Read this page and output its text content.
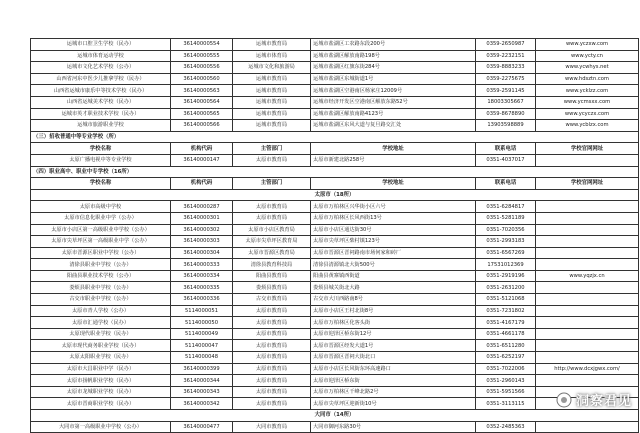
运城市口腔卫生学校（民办）	36140000554	运城市教育局	运城市盐湖区工农路东段200号	0359-2650987	www.yczxw.com
运城市体育运动学校	36140000555	运城市体育局	运城市盐湖区解放南路198号	0359-2232151	www.ycty.cn
运城市文化艺术学校（公办）	36140000556	运城市文化和旅游局	运城市盐湖区红旗东街284号	0359-8883233	www.ycwhys.net
山西省河东中医少儿推拿学校（民办）	36140000560	运城市教育局	运城市盐湖区东城街道1号	0359-2275675	www.hdsztn.com
山西省运城市康乐中等技术学校（民办）	36140000563	运城市教育局	运城市盐湖区空港南区杨家庄12009号	0359-2591145	www.ycklzz.com
山西省运城美术学校（民办）	36140000564	运城市教育局	运城市经济开发区空港南区解放东路52号	18003305667	www.ycmsxx.com
运城市英才职业技术学校（民办）	36140000565	运城市教育局	运城市盐湖区解放南路4123号	0359-8678890	www.ycyczx.com
运城市旅游职业学校	36140000566	运城市教育局	运城市盐湖区东风大道与复旦路交汇处	13903598889	www.ycblzx.com
（三）招收普通中等专业学校（所）					
学校名称	机构代码	主管部门	学校地址	联系电话	学校官网网址
太原广播电视中等专业学校	36140000147	太原市教育局	太原市新建北路258号	0351-4037017	
（四）职业高中、职业中专学校（16所）					
学校名称	机构代码	主管部门	学校地址	联系电话	学校官网网址
太原市（18所）					
太原市高级中学校	36140000287	太原市教育局	太原市万柏林区兴华街小区六号	0351-6284817	
太原市信息化职业中学（公办）	36140000301	太原市教育局	太原市万柏林区长风西街13号	0351-5281189	
太原市小店区第一高级职业中学校（公办）	36140000302	太原市小店区教育局	太原市小店区通达街30号	0351-7020356	
太原市尖草坪区第一高级职业中学（公办）	36140000303	太原市尖草坪区教育局	太原市尖草坪区柴村镇123号	0351-2993183	
太原市晋源区职业中学校（公办）	36140000304	太原市晋源区教育局	太原市晋源区晋祠路南市场何家和砖厂	0351-6567269	
清徐县职业中学校（公办）	36140000333	清徐县教育科技局	清徐县清源镇北大街500号	17531012369	
阳曲县职业技术学校（公办）	36140000334	阳曲县教育局	阳曲县黄寨镇西街道	0351-2919196	www.yqzjx.cn
娄烦县职业中学校（公办）	36140000335	娄烦县教育局	娄烦县城关街北大路	0351-2631200	
古交市职业中学校（公办）	36140000336	古交市教育局	古交市大川西路南8号	0351-5121068	
太原市青人学校（公办）	5114000051	太原市教育局	太原市小店区王村北街8号	0351-7231802	
太原市汇通学校（民办）	5114000050	太原市教育局	太原市万柏林区化客头街	0351-4167179	
太原现代职业学校（民办）	5114000049	太原市教育局	太原市迎泽区桥东街12号	0351-4661178	
太原市现代商务职业学校（民办）	5114000047	太原市教育局	太原市晋源区经发大道1号	0351-6511280	
太原太阳职业学校（民办）	5114000048	太原市教育局	太原市晋源区晋祠大街北口	0351-6252197	
太原市大昌职业中学（民办）	36140000399	太原市教育局	太原市小店区长风街东环高速路口	0351-7022006	http://www.dcxjgwx.com/
太原市扬帆职业学校（民办）	36140000344	太原市教育局	太原市迎泽区桥东街	0351-2960143	
太原市龙城职业学校（民办）	36140000343	太原市教育局	太原市万柏林区千峰北路2号	0351-5951566	
太原市晋商职业学校（民办）	36140000342	太原市教育局	太原市尖草坪区迎新街10号	0351-3113115	
大同市（14所）					
大同市第一高级职业中学校（公办）	36140000477	大同市教育局	大同市御河东路30号	0352-2485363	
洞察君见
